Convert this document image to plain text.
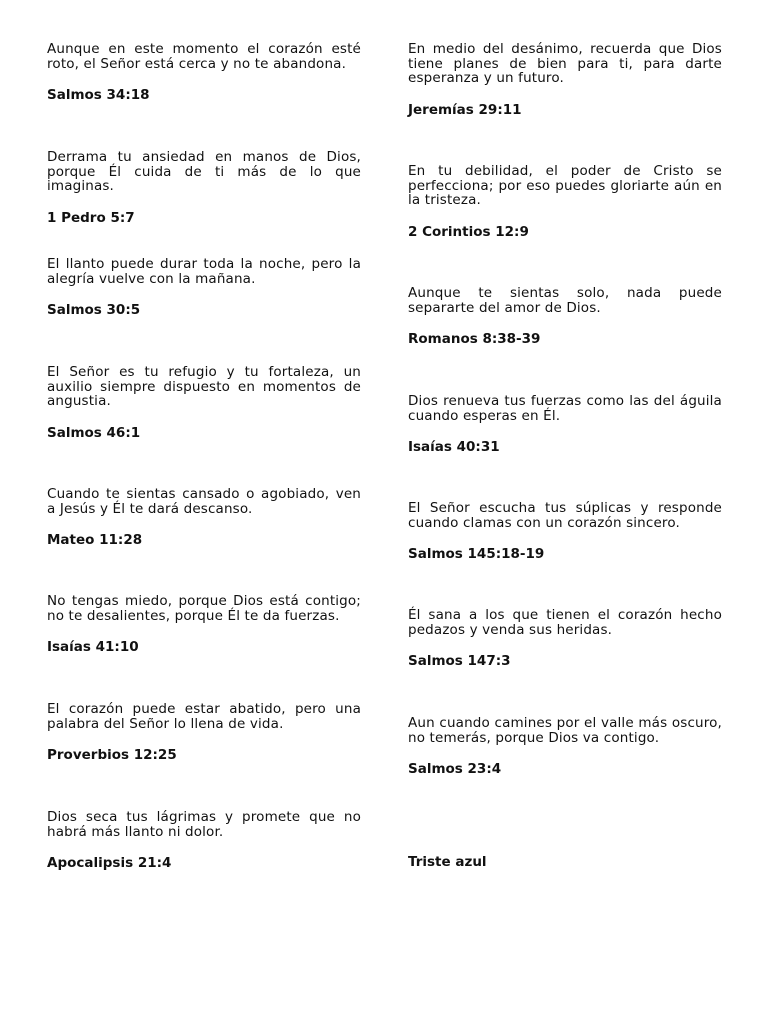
Aunque en este momento el corazón esté roto, el Señor está cerca y no te abandona.

Salmos 34:18

Derrama tu ansiedad en manos de Dios, porque Él cuida de ti más de lo que imaginas.

1 Pedro 5:7

El llanto puede durar toda la noche, pero la alegría vuelve con la mañana.

Salmos 30:5

El Señor es tu refugio y tu fortaleza, un auxilio siempre dispuesto en momentos de angustia.

Salmos 46:1

Cuando te sientas cansado o agobiado, ven a Jesús y Él te dará descanso.

Mateo 11:28

No tengas miedo, porque Dios está contigo; no te desalientes, porque Él te da fuerzas.

Isaías 41:10

El corazón puede estar abatido, pero una palabra del Señor lo llena de vida.

Proverbios 12:25

Dios seca tus lágrimas y promete que no habrá más llanto ni dolor.

Apocalipsis 21:4

En medio del desánimo, recuerda que Dios tiene planes de bien para ti, para darte esperanza y un futuro.

Jeremías 29:11

En tu debilidad, el poder de Cristo se perfecciona; por eso puedes gloriarte aún en la tristeza.

2 Corintios 12:9

Aunque te sientas solo, nada puede separarte del amor de Dios.

Romanos 8:38-39

Dios renueva tus fuerzas como las del águila cuando esperas en Él.

Isaías 40:31

El Señor escucha tus súplicas y responde cuando clamas con un corazón sincero.

Salmos 145:18-19

Él sana a los que tienen el corazón hecho pedazos y venda sus heridas.

Salmos 147:3

Aun cuando camines por el valle más oscuro, no temerás, porque Dios va contigo.

Salmos 23:4

Triste azul
